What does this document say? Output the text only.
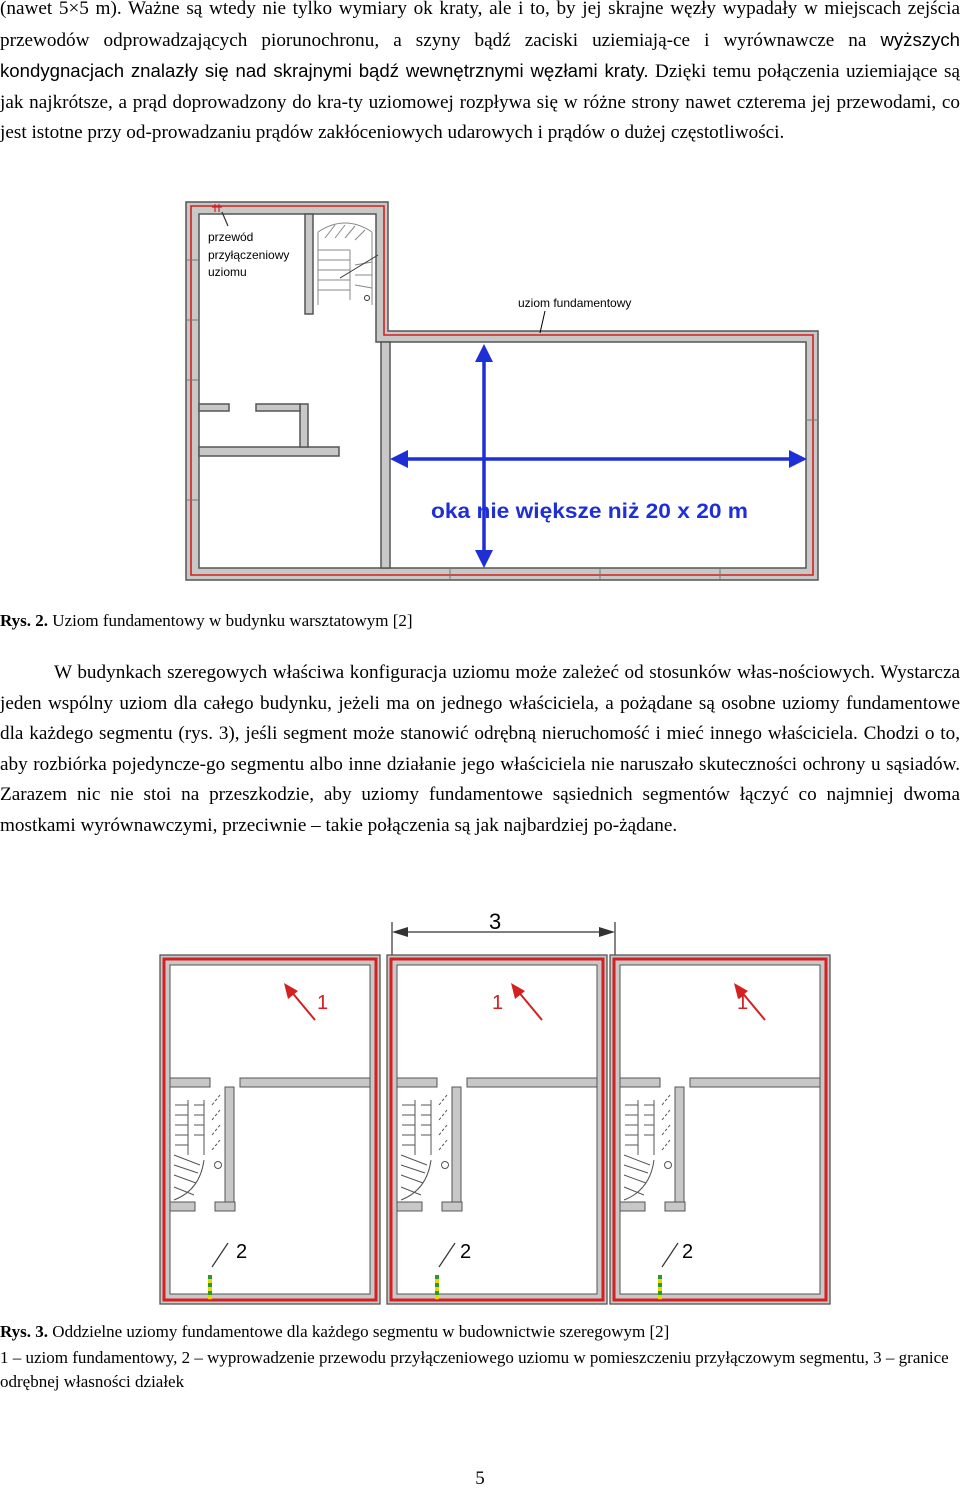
(nawet 5×5 m). Ważne są wtedy nie tylko wymiary ok kraty, ale i to, by jej skrajne węzły wypadały w miejscach zejścia przewodów odprowadzających piorunochronu, a szyny bądź zaciski uziemiają-ce i wyrównawcze na wyższych kondygnacjach znalazły się nad skrajnymi bądź wewnętrznymi węzłami kraty. Dzięki temu połączenia uziemiające są jak najkrótsze, a prąd doprowadzony do kra-ty uziomowej rozpływa się w różne strony nawet czterema jej przewodami, co jest istotne przy od-prowadzaniu prądów zakłóceniowych udarowych i prądów o dużej częstotliwości.

przewód
przyłączeniowy
uziomu
uziom fundamentowy
oka nie większe niż 20 x 20 m

Rys. 2. Uziom fundamentowy w budynku warsztatowym [2]

W budynkach szeregowych właściwa konfiguracja uziomu może zależeć od stosunków włas-nościowych. Wystarcza jeden wspólny uziom dla całego budynku, jeżeli ma on jednego właściciela, a pożądane są osobne uziomy fundamentowe dla każdego segmentu (rys. 3), jeśli segment może stanowić odrębną nieruchomość i mieć innego właściciela. Chodzi o to, aby rozbiórka pojedyncze-go segmentu albo inne działanie jego właściciela nie naruszało skuteczności ochrony u sąsiadów. Zarazem nic nie stoi na przeszkodzie, aby uziomy fundamentowe sąsiednich segmentów łączyć co najmniej dwoma mostkami wyrównawczymi, przeciwnie – takie połączenia są jak najbardziej po-żądane.

3
1	1	1
2	2	2

Rys. 3. Oddzielne uziomy fundamentowe dla każdego segmentu w budownictwie szeregowym [2]

1 – uziom fundamentowy, 2 – wyprowadzenie przewodu przyłączeniowego uziomu w pomieszczeniu przyłączowym segmentu, 3 – granice odrębnej własności działek

5
